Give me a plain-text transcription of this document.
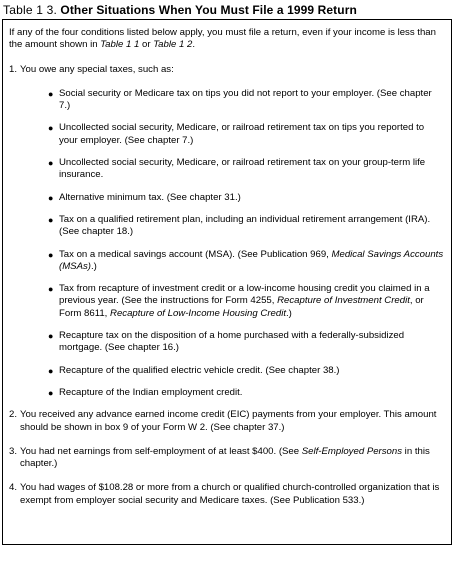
Table 1 3. Other Situations When You Must File a 1999 Return

If any of the four conditions listed below apply, you must file a return, even if your income is less than the amount shown in Table 1 1 or Table 1 2.

1. You owe any special taxes, such as:
● Social security or Medicare tax on tips you did not report to your employer. (See chapter 7.)
● Uncollected social security, Medicare, or railroad retirement tax on tips you reported to your employer. (See chapter 7.)
● Uncollected social security, Medicare, or railroad retirement tax on your group-term life insurance.
● Alternative minimum tax. (See chapter 31.)
● Tax on a qualified retirement plan, including an individual retirement arrangement (IRA). (See chapter 18.)
● Tax on a medical savings account (MSA). (See Publication 969, Medical Savings Accounts (MSAs).)
● Tax from recapture of investment credit or a low-income housing credit you claimed in a previous year. (See the instructions for Form 4255, Recapture of Investment Credit, or Form 8611, Recapture of Low-Income Housing Credit.)
● Recapture tax on the disposition of a home purchased with a federally-subsidized mortgage. (See chapter 16.)
● Recapture of the qualified electric vehicle credit. (See chapter 38.)
● Recapture of the Indian employment credit.
2. You received any advance earned income credit (EIC) payments from your employer. This amount should be shown in box 9 of your Form W 2. (See chapter 37.)
3. You had net earnings from self-employment of at least $400. (See Self-Employed Persons in this chapter.)
4. You had wages of $108.28 or more from a church or qualified church-controlled organization that is exempt from employer social security and Medicare taxes. (See Publication 533.)
